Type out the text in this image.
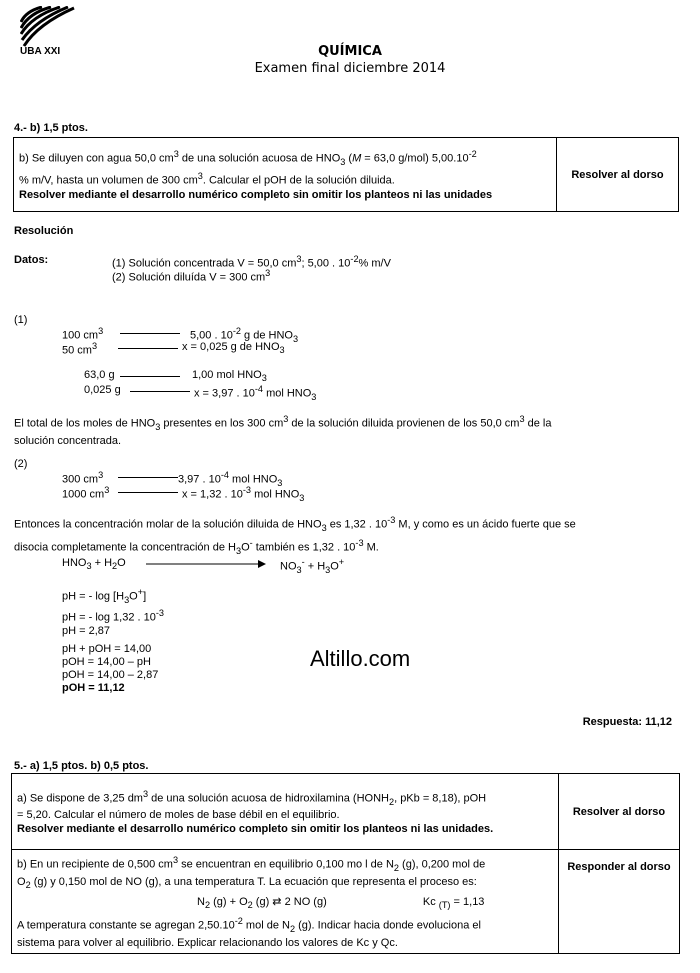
UBA XXI	QUÍMICA
Examen final diciembre 2014
4.- b) 1,5 ptos.
b) Se diluyen con agua 50,0 $cm^3$ de una solución acuosa de $HNO_3$ (M = 63,0 g/mol) $5,00.10^{-2}$
% m/V, hasta un volumen de 300 $cm^3$. Calcular el pOH de la solución diluida.
Resolver mediante el desarrollo numérico completo sin omitir los planteos ni las unidades	Resolver al dorso
Resolución
Datos:	(1) Solución concentrada V = 50,0 $cm^3$; 5,00 . $10^{-2}\%$ m/V
(2) Solución diluída V = 300 $cm^3$
(1)
100 $cm^3$	5,00 . $10^{-2}$ g de $HNO_3$
50 $cm^3$	x = 0,025 g de $HNO_3$
63,0 g	1,00 mol $HNO_3$
0,025 g	x = 3,97 . $10^{-4}$ mol $HNO_3$
El total de los moles de $HNO_3$ presentes en los 300 $cm^3$ de la solución diluida provienen de los 50,0 $cm^3$ de la
solución concentrada.
(2)
300 $cm^3$	3,97 . $10^{-4}$ mol $HNO_3$
1000 $cm^3$	x = 1,32 . $10^{-3}$ mol $HNO_3$
Entonces la concentración molar de la solución diluida de $HNO_3$ es 1,32 . $10^{-3}$ M, y como es un ácido fuerte que se
disocia completamente la concentración de $H_3O^-$ también es 1,32 . $10^{-3}$ M.
$HNO_3 + H_2O$	$NO_3^- + H_3O^+$
pH = - $\log [H_3O^+]$
pH = - log 1,32 . $10^{-3}$
pH = 2,87
pH + pOH = 14,00
pOH = 14,00 – pH
pOH = 14,00 – 2,87
pOH = 11,12
Altillo.com
Respuesta: 11,12
5.- a) 1,5 ptos. b) 0,5 ptos.
a) Se dispone de 3,25 $dm^3$ de una solución acuosa de hidroxilamina ($HONH_2$, pKb = 8,18), pOH
= 5,20. Calcular el número de moles de base débil en el equilibrio.
Resolver mediante el desarrollo numérico completo sin omitir los planteos ni las unidades.	Resolver al dorso
b) En un recipiente de 0,500 $cm^3$ se encuentran en equilibrio 0,100 mo l de $N_2$ (g), 0,200 mol de
$O_2$ (g) y 0,150 mol de NO (g), a una temperatura T. La ecuación que representa el proceso es:

$N_2$ $(g) + O_2$ (g) ⇄ 2 NO (g) Kc $_{(T)}$ = 1,13
A temperatura constante se agregan $2,50.10^{-2}$ mol de $N_2$ (g). Indicar hacia donde evoluciona el
sistema para volver al equilibrio. Explicar relacionando los valores de Kc y Qc.	Responder al dorso
